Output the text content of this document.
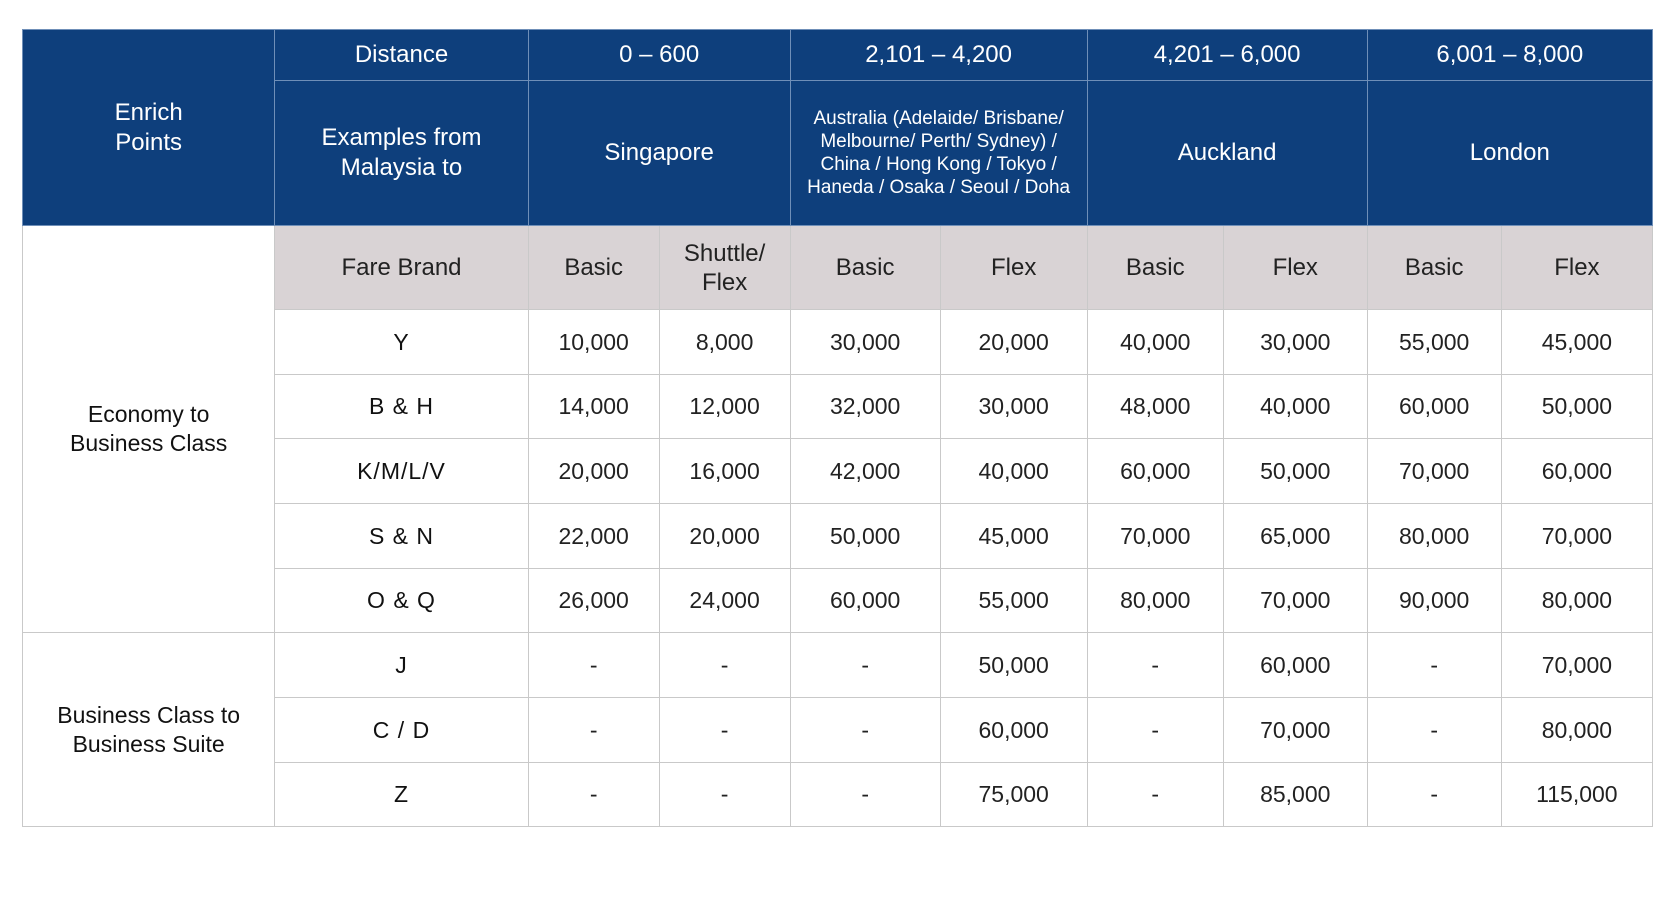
Enrich Points	Distance	0 – 600		2,101 – 4,200		4,201 – 6,000		6,001 – 8,000	
	Examples from Malaysia to	Singapore		Australia (Adelaide/ Brisbane/ Melbourne/ Perth/ Sydney) / China / Hong Kong / Tokyo / Haneda / Osaka / Seoul / Doha		Auckland		London	
Economy to Business Class	Fare Brand	Basic	Shuttle/ Flex	Basic	Flex	Basic	Flex	Basic	Flex
	Y	10,000	8,000	30,000	20,000	40,000	30,000	55,000	45,000
	B & H	14,000	12,000	32,000	30,000	48,000	40,000	60,000	50,000
	K/M/L/V	20,000	16,000	42,000	40,000	60,000	50,000	70,000	60,000
	S & N	22,000	20,000	50,000	45,000	70,000	65,000	80,000	70,000
	O & Q	26,000	24,000	60,000	55,000	80,000	70,000	90,000	80,000
Business Class to Business Suite	J	-	-	-	50,000	-	60,000	-	70,000
	C / D	-	-	-	60,000	-	70,000	-	80,000
	Z	-	-	-	75,000	-	85,000	-	115,000
